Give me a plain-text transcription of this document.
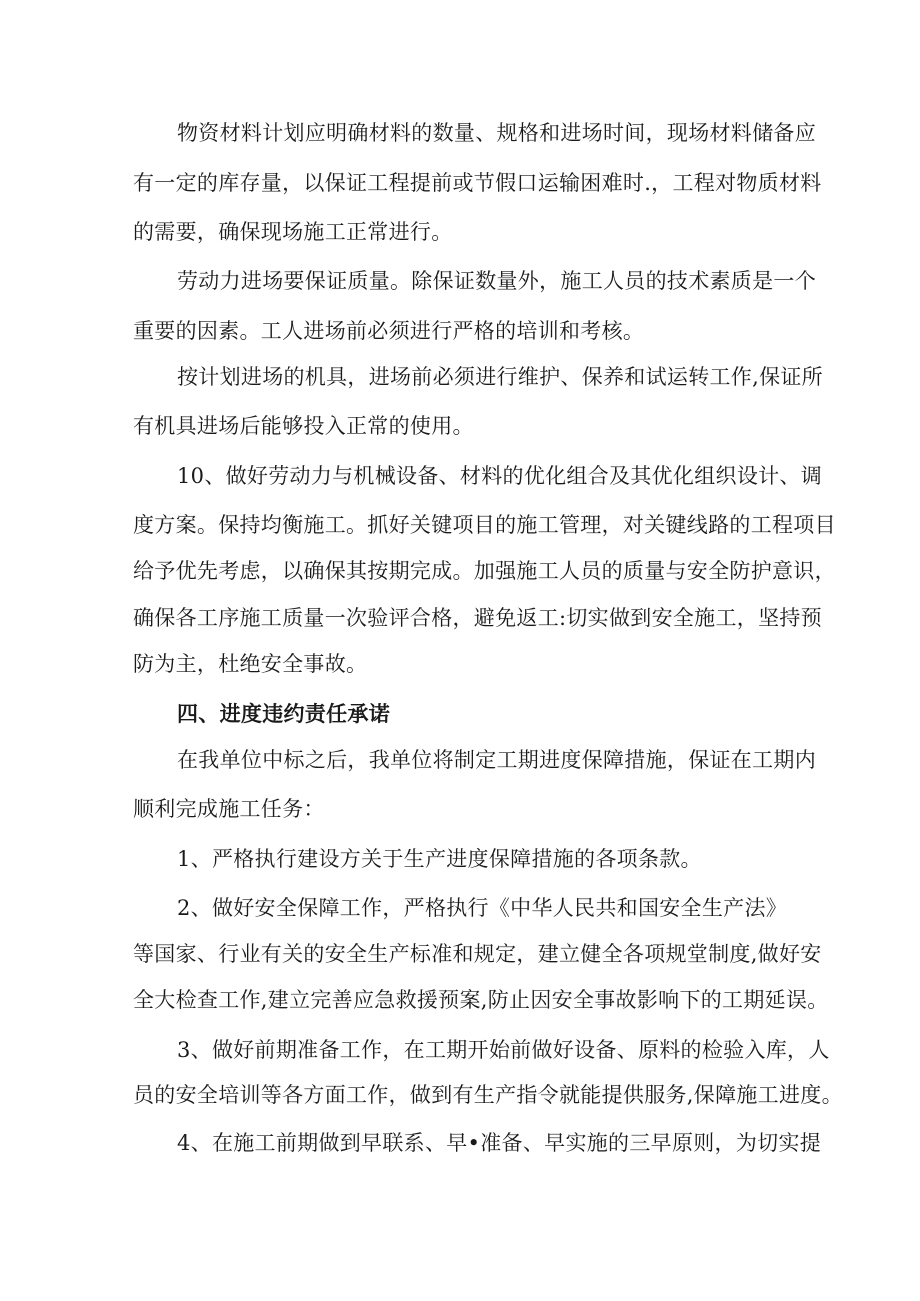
物资材料计划应明确材料的数量、规格和进场时间，现场材料储备应
有一定的库存量，以保证工程提前或节假口运输困难时.，工程对物质材料
的需要，确保现场施工正常进行。
劳动力进场要保证质量。除保证数量外，施工人员的技术素质是一个
重要的因素。工人进场前必须进行严格的培训和考核。
按计划进场的机具，进场前必须进行维护、保养和试运转工作,保证所
有机具进场后能够投入正常的使用。
10、做好劳动力与机械设备、材料的优化组合及其优化组织设计、调
度方案。保持均衡施工。抓好关键项目的施工管理，对关键线路的工程项目
给予优先考虑，以确保其按期完成。加强施工人员的质量与安全防护意识，
确保各工序施工质量一次验评合格，避免返工:切实做到安全施工，坚持预
防为主，杜绝安全事故。
四、进度违约责任承诺
在我单位中标之后，我单位将制定工期进度保障措施，保证在工期内
顺利完成施工任务：
1、严格执行建设方关于生产进度保障措施的各项条款。
2、做好安全保障工作，严格执行《中华人民共和国安全生产法》
等国家、行业有关的安全生产标准和规定，建立健全各项规堂制度,做好安
全大检查工作,建立完善应急救援预案,防止因安全事故影响下的工期延误。
3、做好前期准备工作，在工期开始前做好设备、原料的检验入库，人
员的安全培训等各方面工作，做到有生产指令就能提供服务,保障施工进度。
4、在施工前期做到早联系、早•准备、早实施的三早原则，为切实提
